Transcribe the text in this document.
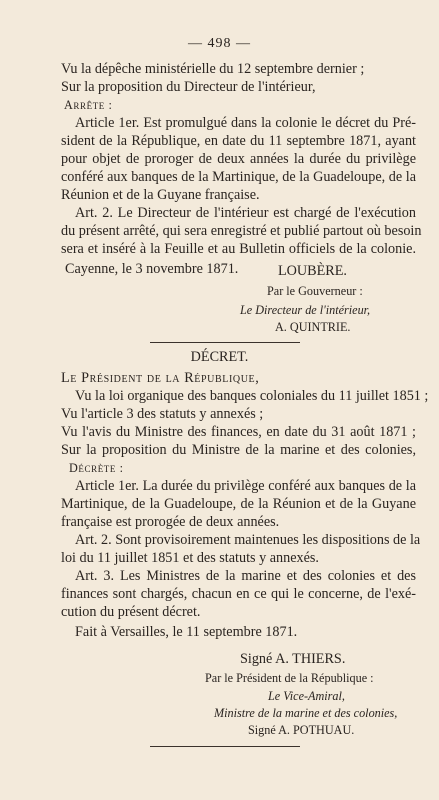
— 498 —
Vu la dépêche ministérielle du 12 septembre dernier ;
Sur la proposition du Directeur de l'intérieur,
Arrête :
Article 1er. Est promulgué dans la colonie le décret du Pré-
sident de la République, en date du 11 septembre 1871, ayant
pour objet de proroger de deux années la durée du privilège
conféré aux banques de la Martinique, de la Guadeloupe, de la
Réunion et de la Guyane française.
Art. 2. Le Directeur de l'intérieur est chargé de l'exécution
du présent arrêté, qui sera enregistré et publié partout où besoin
sera et inséré à la Feuille et au Bulletin officiels de la colonie.
Cayenne, le 3 novembre 1871.	LOUBÈRE.
Par le Gouverneur :
Le Directeur de l'intérieur,
A. QUINTRIE.
DÉCRET.
Le Président de la République,
Vu la loi organique des banques coloniales du 11 juillet 1851 ;
Vu l'article 3 des statuts y annexés ;
Vu l'avis du Ministre des finances, en date du 31 août 1871 ;
Sur la proposition du Ministre de la marine et des colonies,
Décrète :
Article 1er. La durée du privilège conféré aux banques de la
Martinique, de la Guadeloupe, de la Réunion et de la Guyane
française est prorogée de deux années.
Art. 2. Sont provisoirement maintenues les dispositions de la
loi du 11 juillet 1851 et des statuts y annexés.
Art. 3. Les Ministres de la marine et des colonies et des
finances sont chargés, chacun en ce qui le concerne, de l'exé-
cution du présent décret.
Fait à Versailles, le 11 septembre 1871.
Signé A. THIERS.
Par le Président de la République :
Le Vice-Amiral,
Ministre de la marine et des colonies,
Signé A. POTHUAU.
